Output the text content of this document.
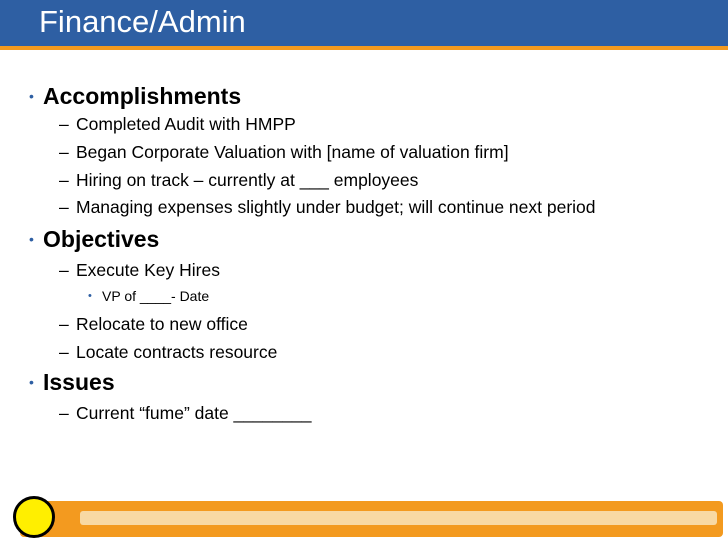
Finance/Admin
• Accomplishments
– Completed Audit with HMPP
– Began Corporate Valuation with [name of valuation firm]
– Hiring on track – currently at ___ employees
– Managing expenses slightly under budget; will continue next period
• Objectives
– Execute Key Hires
• VP of ____- Date
– Relocate to new office
– Locate contracts resource
• Issues
– Current “fume” date ________
